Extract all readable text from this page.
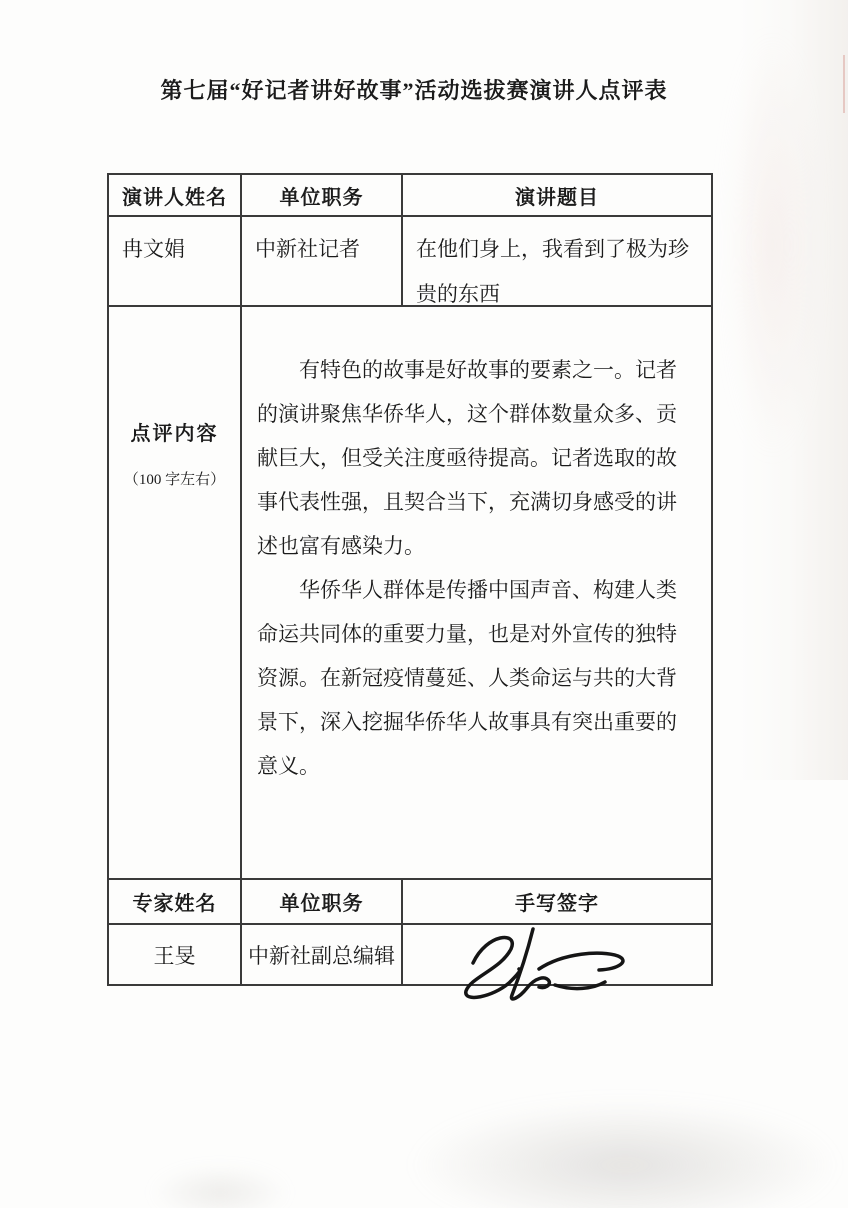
第七届“好记者讲好故事”活动选拔赛演讲人点评表
演讲人姓名	单位职务	演讲题目
冉文娟	中新社记者	在他们身上，我看到了极为珍贵的东西
点评内容
（100 字左右）

有特色的故事是好故事的要素之一。记者的演讲聚焦华侨华人，这个群体数量众多、贡献巨大，但受关注度亟待提高。记者选取的故事代表性强，且契合当下，充满切身感受的讲述也富有感染力。

华侨华人群体是传播中国声音、构建人类命运共同体的重要力量，也是对外宣传的独特资源。在新冠疫情蔓延、人类命运与共的大背景下，深入挖掘华侨华人故事具有突出重要的意义。

专家姓名	单位职务	手写签字
王旻	中新社副总编辑
